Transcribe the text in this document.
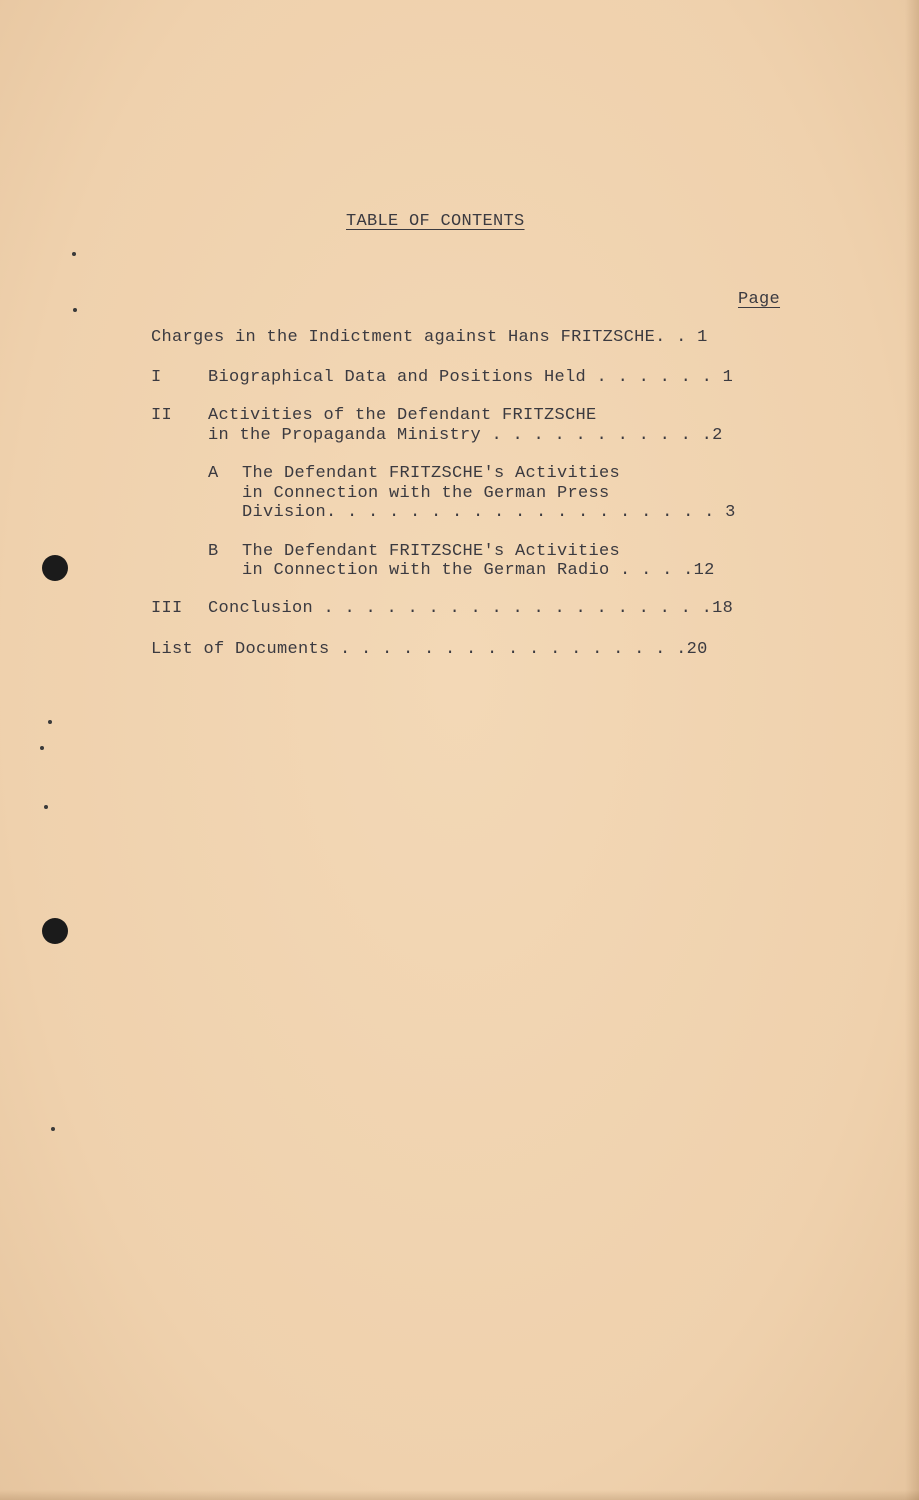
TABLE OF CONTENTS
Page
Charges in the Indictment against Hans FRITZSCHE. . 1
I	Biographical Data and Positions Held . . . . . . 1
II Activities of the Defendant FRITZSCHE
in the Propaganda Ministry . . . . . . . . . . .2
A The Defendant FRITZSCHE's Activities
in Connection with the German Press
Division. . . . . . . . . . . . . . . . . . . 3
B The Defendant FRITZSCHE's Activities
in Connection with the German Radio . . . .12
III Conclusion . . . . . . . . . . . . . . . . . . .18
List of Documents . . . . . . . . . . . . . . . . .20
